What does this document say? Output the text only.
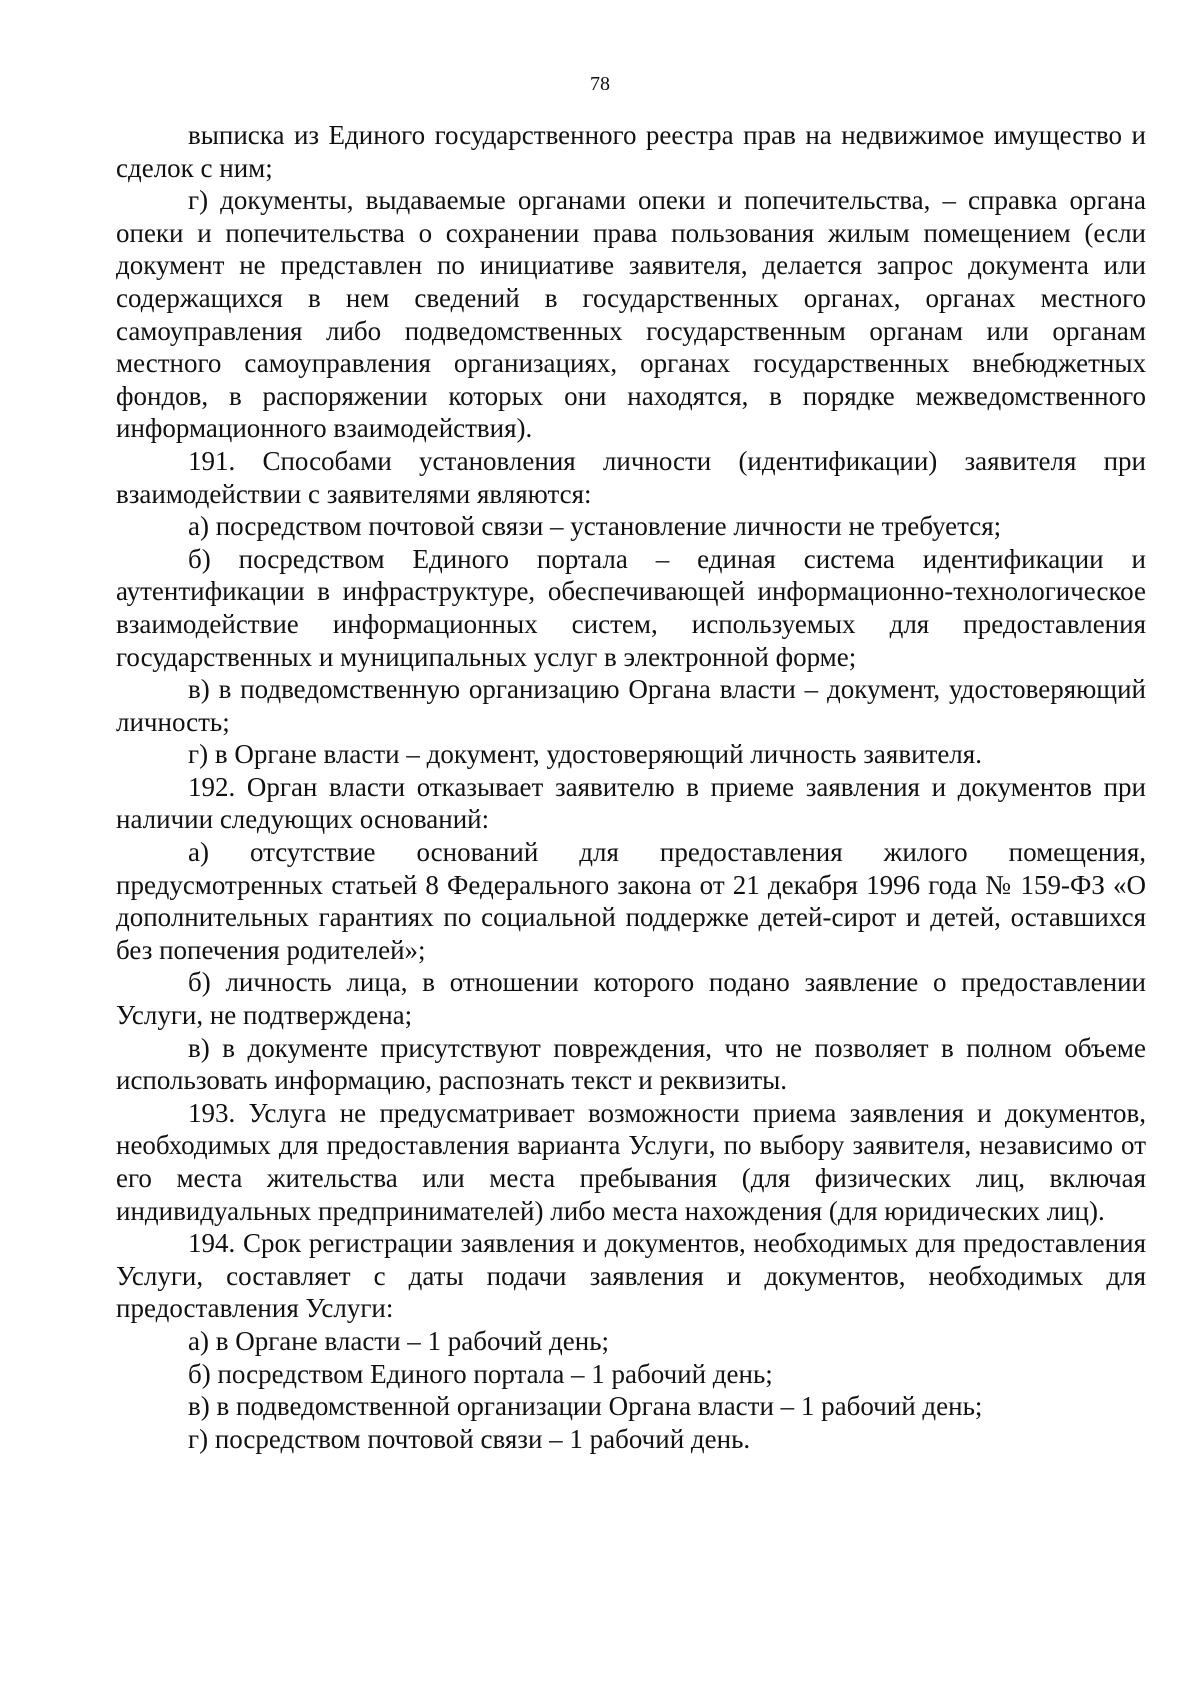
78

выписка из Единого государственного реестра прав на недвижимое имущество и сделок с ним;

г) документы, выдаваемые органами опеки и попечительства, – справка органа опеки и попечительства о сохранении права пользования жилым помещением (если документ не представлен по инициативе заявителя, делается запрос документа или содержащихся в нем сведений в государственных органах, органах местного самоуправления либо подведомственных государственным органам или органам местного самоуправления организациях, органах государственных внебюджетных фондов, в распоряжении которых они находятся, в порядке межведомственного информационного взаимодействия).

191. Способами установления личности (идентификации) заявителя при взаимодействии с заявителями являются:

а) посредством почтовой связи – установление личности не требуется;

б) посредством Единого портала – единая система идентификации и аутентификации в инфраструктуре, обеспечивающей информационно-технологическое взаимодействие информационных систем, используемых для предоставления государственных и муниципальных услуг в электронной форме;

в) в подведомственную организацию Органа власти – документ, удостоверяющий личность;

г) в Органе власти – документ, удостоверяющий личность заявителя.

192. Орган власти отказывает заявителю в приеме заявления и документов при наличии следующих оснований:

а) отсутствие оснований для предоставления жилого помещения, предусмотренных статьей 8 Федерального закона от 21 декабря 1996 года № 159-ФЗ «О дополнительных гарантиях по социальной поддержке детей-сирот и детей, оставшихся без попечения родителей»;

б) личность лица, в отношении которого подано заявление о предоставлении Услуги, не подтверждена;

в) в документе присутствуют повреждения, что не позволяет в полном объеме использовать информацию, распознать текст и реквизиты.

193. Услуга не предусматривает возможности приема заявления и документов, необходимых для предоставления варианта Услуги, по выбору заявителя, независимо от его места жительства или места пребывания (для физических лиц, включая индивидуальных предпринимателей) либо места нахождения (для юридических лиц).

194. Срок регистрации заявления и документов, необходимых для предоставления Услуги, составляет с даты подачи заявления и документов, необходимых для предоставления Услуги:

а) в Органе власти – 1 рабочий день;

б) посредством Единого портала – 1 рабочий день;

в) в подведомственной организации Органа власти – 1 рабочий день;

г) посредством почтовой связи – 1 рабочий день.
